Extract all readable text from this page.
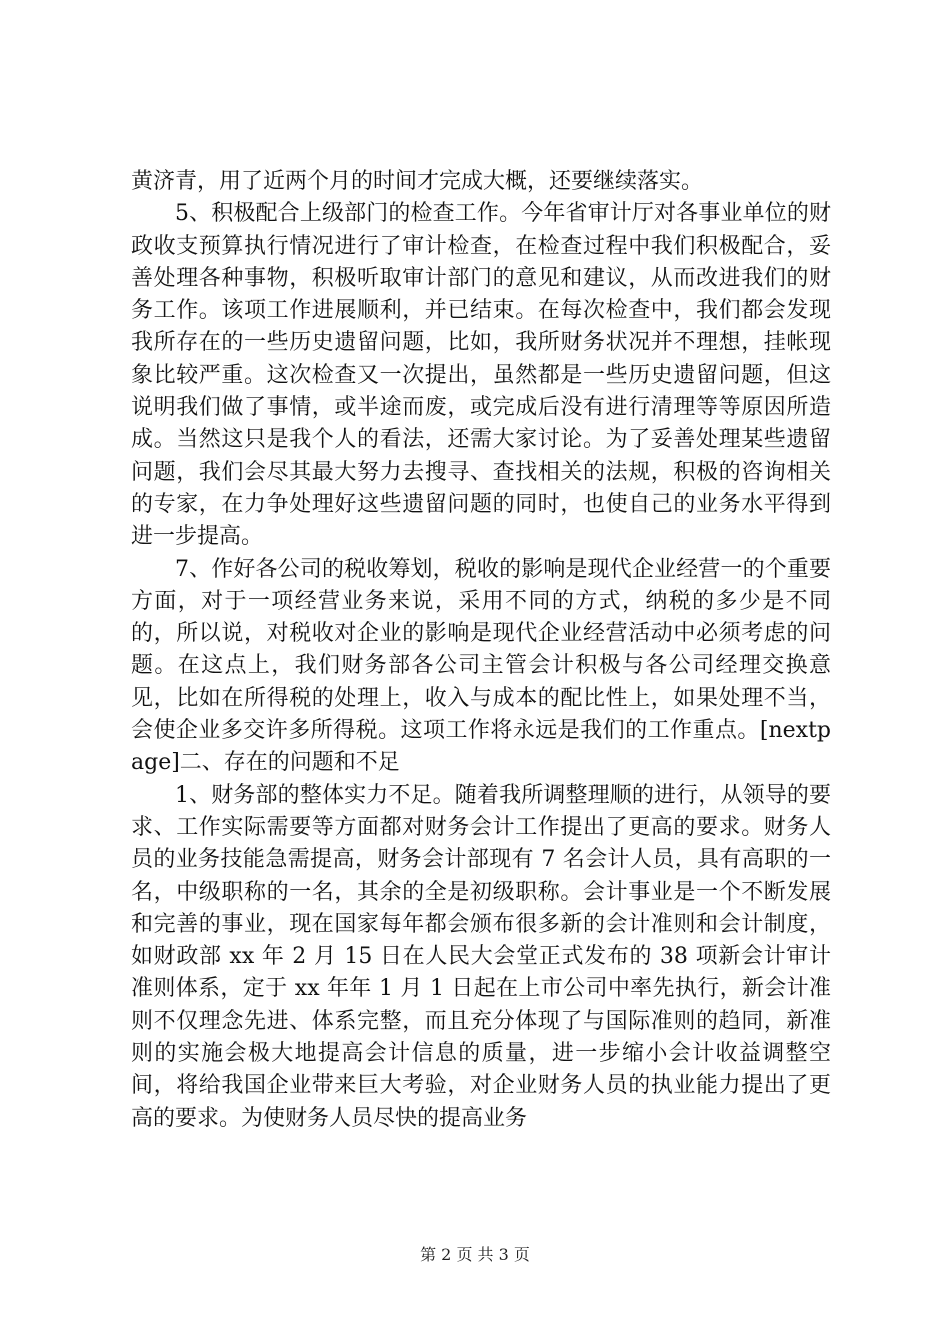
黄济青，用了近两个月的时间才完成大概，还要继续落实。

5、积极配合上级部门的检查工作。今年省审计厅对各事业单位的财政收支预算执行情况进行了审计检查，在检查过程中我们积极配合，妥善处理各种事物，积极听取审计部门的意见和建议，从而改进我们的财务工作。该项工作进展顺利，并已结束。在每次检查中，我们都会发现我所存在的一些历史遗留问题，比如，我所财务状况并不理想，挂帐现象比较严重。这次检查又一次提出，虽然都是一些历史遗留问题，但这说明我们做了事情，或半途而废，或完成后没有进行清理等等原因所造成。当然这只是我个人的看法，还需大家讨论。为了妥善处理某些遗留问题，我们会尽其最大努力去搜寻、查找相关的法规，积极的咨询相关的专家，在力争处理好这些遗留问题的同时，也使自己的业务水平得到进一步提高。

7、作好各公司的税收筹划，税收的影响是现代企业经营一的个重要方面，对于一项经营业务来说，采用不同的方式，纳税的多少是不同的，所以说，对税收对企业的影响是现代企业经营活动中必须考虑的问题。在这点上，我们财务部各公司主管会计积极与各公司经理交换意见，比如在所得税的处理上，收入与成本的配比性上，如果处理不当，会使企业多交许多所得税。这项工作将永远是我们的工作重点。[nextpage]二、存在的问题和不足

1、财务部的整体实力不足。随着我所调整理顺的进行，从领导的要求、工作实际需要等方面都对财务会计工作提出了更高的要求。财务人员的业务技能急需提高，财务会计部现有 7 名会计人员，具有高职的一名，中级职称的一名，其余的全是初级职称。会计事业是一个不断发展和完善的事业，现在国家每年都会颁布很多新的会计准则和会计制度，如财政部 xx 年 2 月 15 日在人民大会堂正式发布的 38 项新会计审计准则体系，定于 xx 年年 1 月 1 日起在上市公司中率先执行，新会计准则不仅理念先进、体系完整，而且充分体现了与国际准则的趋同，新准则的实施会极大地提高会计信息的质量，进一步缩小会计收益调整空间，将给我国企业带来巨大考验，对企业财务人员的执业能力提出了更高的要求。为使财务人员尽快的提高业务

第 2 页 共 3 页
